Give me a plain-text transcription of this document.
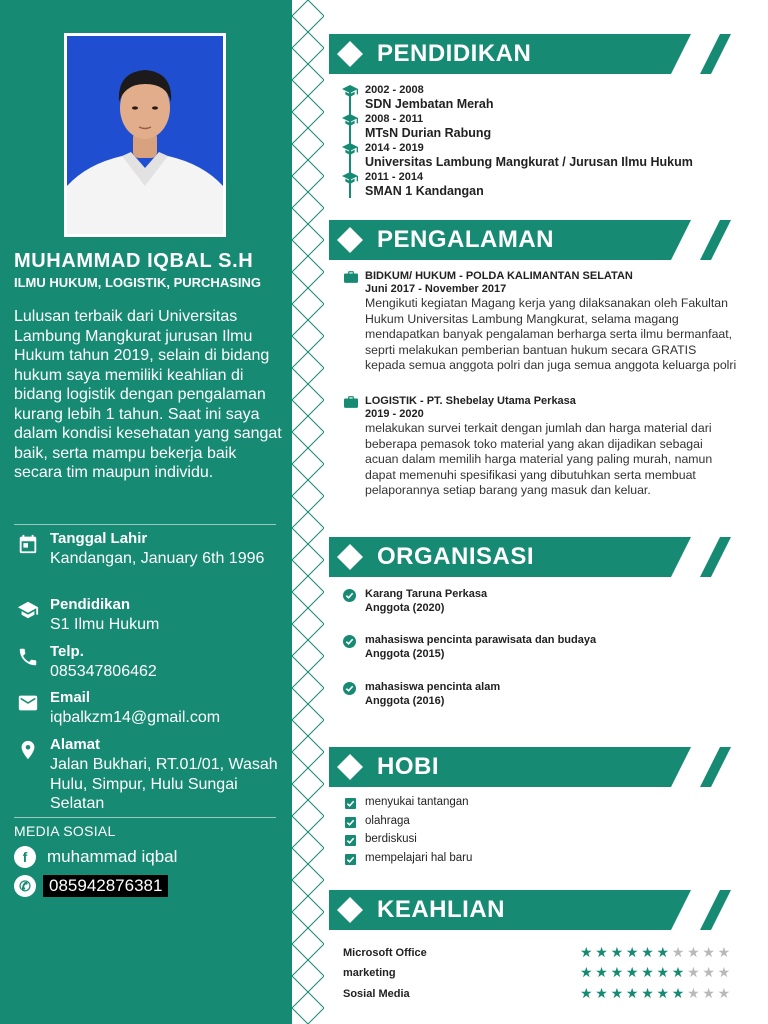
MUHAMMAD IQBAL S.H
ILMU HUKUM, LOGISTIK, PURCHASING
Lulusan terbaik dari Universitas Lambung Mangkurat jurusan Ilmu Hukum tahun 2019, selain di bidang hukum saya memiliki keahlian di bidang logistik dengan pengalaman kurang lebih 1 tahun. Saat ini saya dalam kondisi kesehatan yang sangat baik, serta mampu bekerja baik secara tim maupun individu.
Tanggal Lahir
Kandangan, January 6th 1996
Pendidikan
S1 Ilmu Hukum
Telp.
085347806462
Email
iqbalkzm14@gmail.com
Alamat
Jalan Bukhari, RT.01/01, Wasah Hulu, Simpur, Hulu Sungai Selatan
MEDIA SOSIAL
f	muhammad iqbal
✆	085942876381
PENDIDIKAN
2002 - 2008
SDN Jembatan Merah
2008 - 2011
MTsN Durian Rabung
2014 - 2019
Universitas Lambung Mangkurat / Jurusan Ilmu Hukum
2011 - 2014
SMAN 1 Kandangan
PENGALAMAN
BIDKUM/ HUKUM - POLDA KALIMANTAN SELATAN
Juni 2017 - November 2017
Mengikuti kegiatan Magang kerja yang dilaksanakan oleh Fakultan Hukum Universitas Lambung Mangkurat, selama magang mendapatkan banyak pengalaman berharga serta ilmu bermanfaat, seprti melakukan pemberian bantuan hukum secara GRATIS kepada semua anggota polri dan juga semua anggota keluarga polri
LOGISTIK - PT. Shebelay Utama Perkasa
2019 - 2020
melakukan survei terkait dengan jumlah dan harga material dari beberapa pemasok toko material yang akan dijadikan sebagai acuan dalam memilih harga material yang paling murah, namun dapat memenuhi spesifikasi yang dibutuhkan serta membuat pelaporannya setiap barang yang masuk dan keluar.
ORGANISASI
Karang Taruna Perkasa
Anggota (2020)
mahasiswa pencinta parawisata dan budaya
Anggota (2015)
mahasiswa pencinta alam
Anggota (2016)
HOBI
menyukai tantangan
olahraga
berdiskusi
mempelajari hal baru
KEAHLIAN
Microsoft Office	★★★★★★★★★★
marketing	★★★★★★★★★★
Sosial Media	★★★★★★★★★★
